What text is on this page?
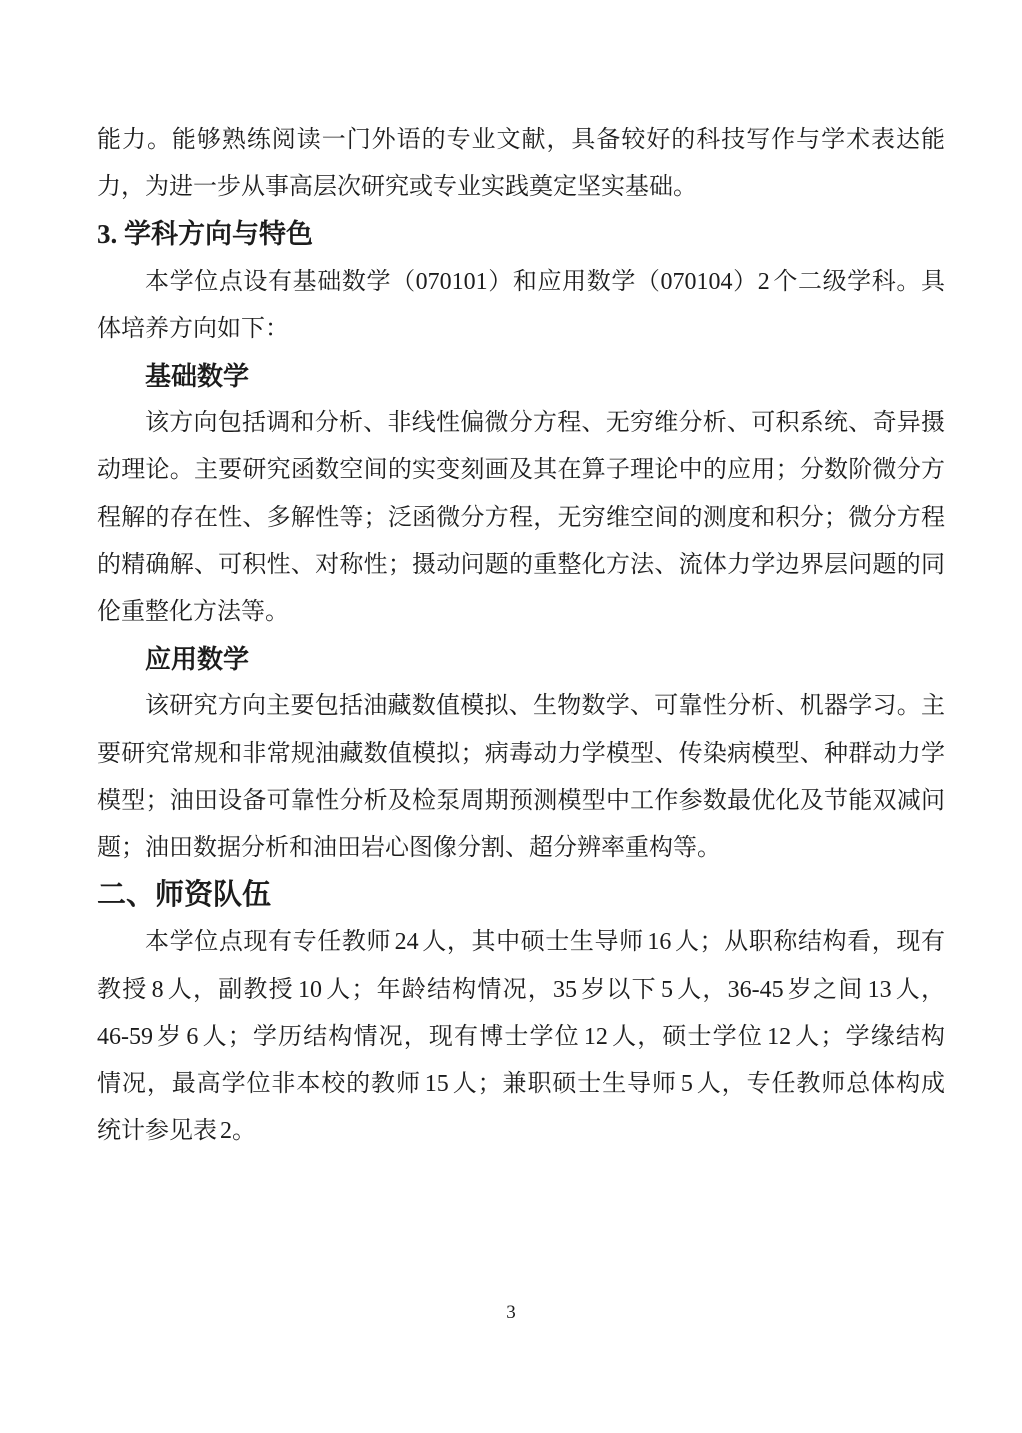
能力。能够熟练阅读一门外语的专业文献，具备较好的科技写作与学术表达能
力，为进一步从事高层次研究或专业实践奠定坚实基础。

3. 学科方向与特色

本学位点设有基础数学（070101）和应用数学（070104）2 个二级学科。具
体培养方向如下：

基础数学

该方向包括调和分析、非线性偏微分方程、无穷维分析、可积系统、奇异摄
动理论。主要研究函数空间的实变刻画及其在算子理论中的应用；分数阶微分方
程解的存在性、多解性等；泛函微分方程，无穷维空间的测度和积分；微分方程
的精确解、可积性、对称性；摄动问题的重整化方法、流体力学边界层问题的同
伦重整化方法等。

应用数学

该研究方向主要包括油藏数值模拟、生物数学、可靠性分析、机器学习。主
要研究常规和非常规油藏数值模拟；病毒动力学模型、传染病模型、种群动力学
模型；油田设备可靠性分析及检泵周期预测模型中工作参数最优化及节能双减问
题；油田数据分析和油田岩心图像分割、超分辨率重构等。

二、师资队伍

本学位点现有专任教师 24 人，其中硕士生导师 16 人；从职称结构看，现有
教授 8 人，副教授 10 人；年龄结构情况，35 岁以下 5 人，36-45 岁之间 13 人，
46-59 岁 6 人；学历结构情况，现有博士学位 12 人，硕士学位 12 人；学缘结构
情况，最高学位非本校的教师 15 人；兼职硕士生导师 5 人，专任教师总体构成
统计参见表 2。

3
